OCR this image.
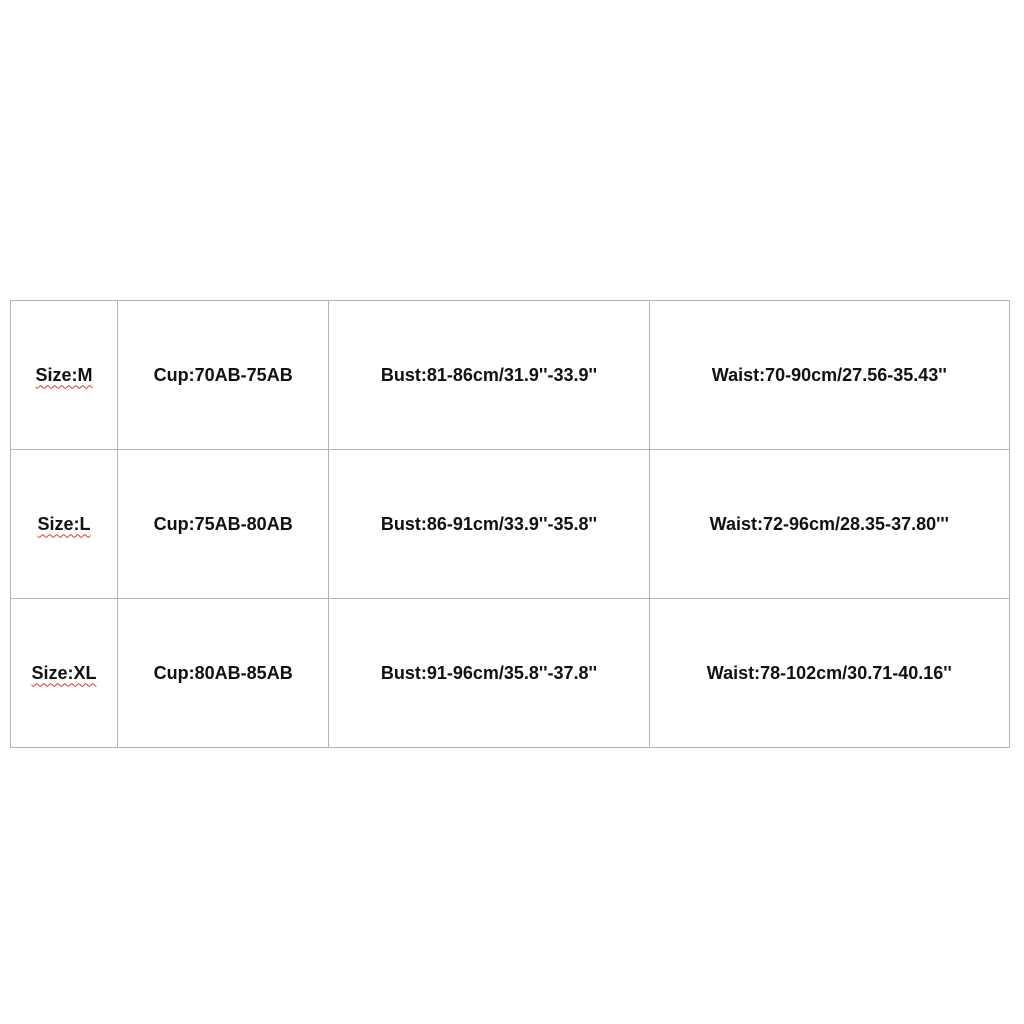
Size:M	Cup:70AB-75AB	Bust:81-86cm/31.9''-33.9''	Waist:70-90cm/27.56-35.43''
Size:L	Cup:75AB-80AB	Bust:86-91cm/33.9''-35.8''	Waist:72-96cm/28.35-37.80'''
Size:XL	Cup:80AB-85AB	Bust:91-96cm/35.8''-37.8''	Waist:78-102cm/30.71-40.16''
